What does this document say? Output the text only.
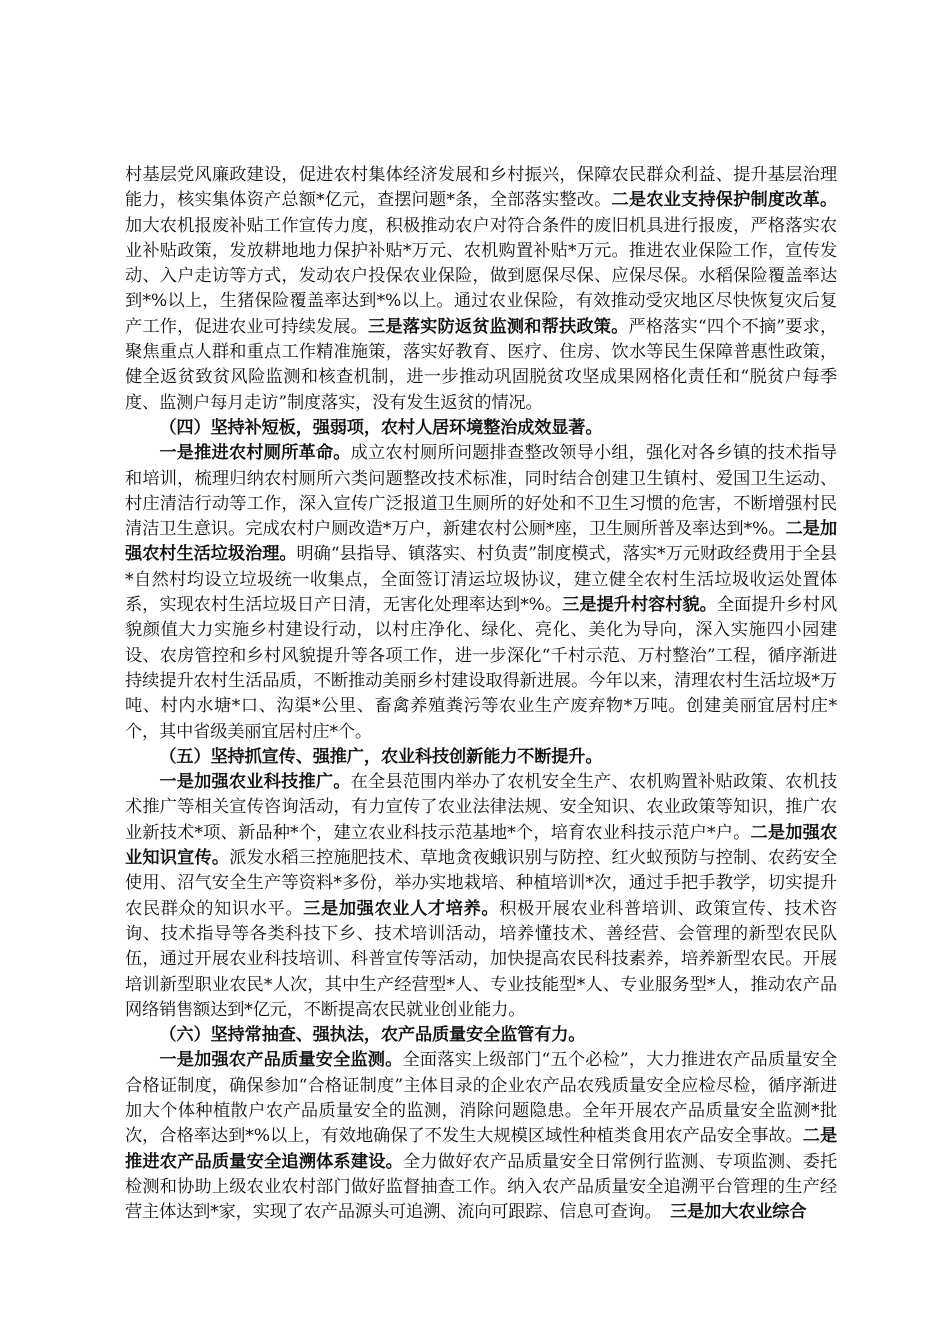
村基层党风廉政建设，促进农村集体经济发展和乡村振兴，保障农民群众利益、提升基层治理能力，核实集体资产总额*亿元，查摆问题*条，全部落实整改。二是农业支持保护制度改革。加大农机报废补贴工作宣传力度，积极推动农户对符合条件的废旧机具进行报废，严格落实农业补贴政策，发放耕地地力保护补贴*万元、农机购置补贴*万元。推进农业保险工作，宣传发动、入户走访等方式，发动农户投保农业保险，做到愿保尽保、应保尽保。水稻保险覆盖率达到*%以上，生猪保险覆盖率达到*%以上。通过农业保险，有效推动受灾地区尽快恢复灾后复产工作，促进农业可持续发展。三是落实防返贫监测和帮扶政策。严格落实“四个不摘”要求，聚焦重点人群和重点工作精准施策，落实好教育、医疗、住房、饮水等民生保障普惠性政策，健全返贫致贫风险监测和核查机制，进一步推动巩固脱贫攻坚成果网格化责任和“脱贫户每季度、监测户每月走访”制度落实，没有发生返贫的情况。

（四）坚持补短板，强弱项，农村人居环境整治成效显著。

一是推进农村厕所革命。成立农村厕所问题排查整改领导小组，强化对各乡镇的技术指导和培训，梳理归纳农村厕所六类问题整改技术标准，同时结合创建卫生镇村、爱国卫生运动、村庄清洁行动等工作，深入宣传广泛报道卫生厕所的好处和不卫生习惯的危害，不断增强村民清洁卫生意识。完成农村户厕改造*万户，新建农村公厕*座，卫生厕所普及率达到*%。二是加强农村生活垃圾治理。明确“县指导、镇落实、村负责”制度模式，落实*万元财政经费用于全县*自然村均设立垃圾统一收集点，全面签订清运垃圾协议，建立健全农村生活垃圾收运处置体系，实现农村生活垃圾日产日清，无害化处理率达到*%。三是提升村容村貌。全面提升乡村风貌颜值大力实施乡村建设行动，以村庄净化、绿化、亮化、美化为导向，深入实施四小园建设、农房管控和乡村风貌提升等各项工作，进一步深化“千村示范、万村整治”工程，循序渐进持续提升农村生活品质，不断推动美丽乡村建设取得新进展。今年以来，清理农村生活垃圾*万吨、村内水塘*口、沟渠*公里、畜禽养殖粪污等农业生产废弃物*万吨。创建美丽宜居村庄*个，其中省级美丽宜居村庄*个。

（五）坚持抓宣传、强推广，农业科技创新能力不断提升。

一是加强农业科技推广。在全县范围内举办了农机安全生产、农机购置补贴政策、农机技术推广等相关宣传咨询活动，有力宣传了农业法律法规、安全知识、农业政策等知识，推广农业新技术*项、新品种*个，建立农业科技示范基地*个，培育农业科技示范户*户。二是加强农业知识宣传。派发水稻三控施肥技术、草地贪夜蛾识别与防控、红火蚁预防与控制、农药安全使用、沼气安全生产等资料*多份，举办实地栽培、种植培训*次，通过手把手教学，切实提升农民群众的知识水平。三是加强农业人才培养。积极开展农业科普培训、政策宣传、技术咨询、技术指导等各类科技下乡、技术培训活动，培养懂技术、善经营、会管理的新型农民队伍，通过开展农业科技培训、科普宣传等活动，加快提高农民科技素养，培养新型农民。开展培训新型职业农民*人次，其中生产经营型*人、专业技能型*人、专业服务型*人，推动农产品网络销售额达到*亿元，不断提高农民就业创业能力。

（六）坚持常抽查、强执法，农产品质量安全监管有力。

一是加强农产品质量安全监测。全面落实上级部门“五个必检”，大力推进农产品质量安全合格证制度，确保参加“合格证制度”主体目录的企业农产品农残质量安全应检尽检，循序渐进加大个体种植散户农产品质量安全的监测，消除问题隐患。全年开展农产品质量安全监测*批次，合格率达到*%以上，有效地确保了不发生大规模区域性种植类食用农产品安全事故。二是推进农产品质量安全追溯体系建设。全力做好农产品质量安全日常例行监测、专项监测、委托检测和协助上级农业农村部门做好监督抽查工作。纳入农产品质量安全追溯平台管理的生产经营主体达到*家，实现了农产品源头可追溯、流向可跟踪、信息可查询。　 三是加大农业综合
